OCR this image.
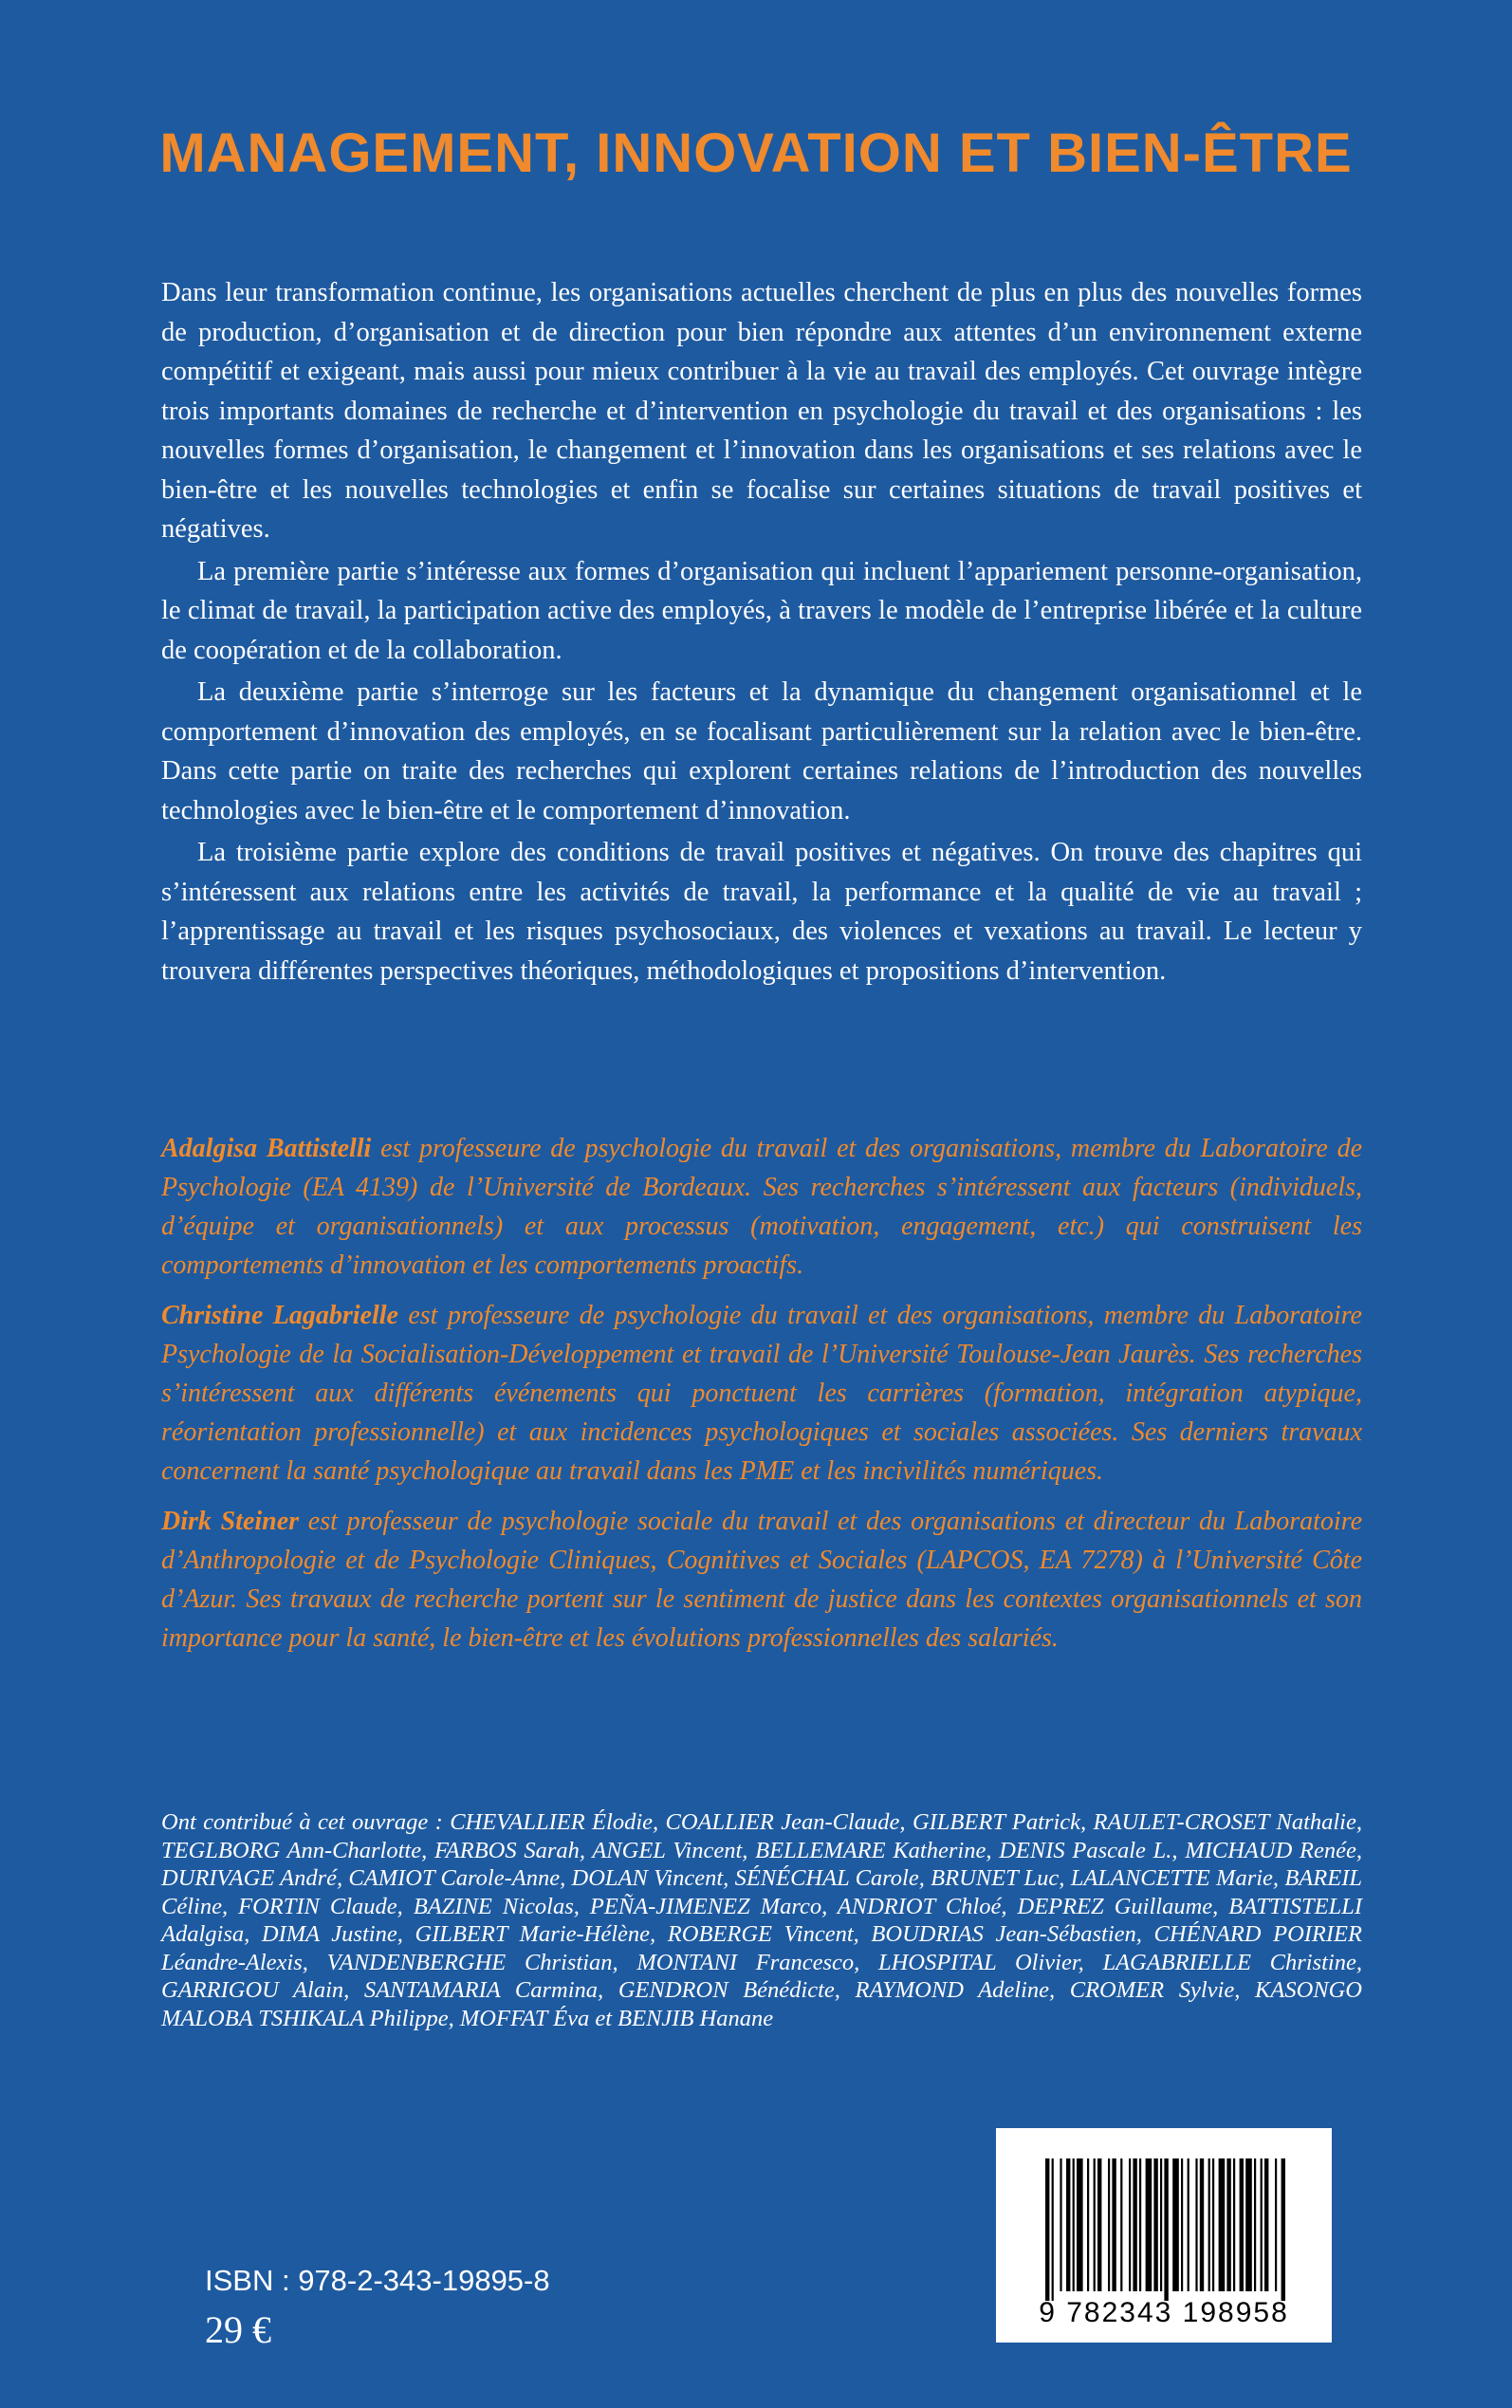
MANAGEMENT, INNOVATION ET BIEN-ÊTRE

Dans leur transformation continue, les organisations actuelles cherchent de plus en plus des nouvelles formes de production, d’organisation et de direction pour bien répondre aux attentes d’un environnement externe compétitif et exigeant, mais aussi pour mieux contribuer à la vie au travail des employés. Cet ouvrage intègre trois importants domaines de recherche et d’intervention en psychologie du travail et des organisations : les nouvelles formes d’organisation, le changement et l’innovation dans les organisations et ses relations avec le bien-être et les nouvelles technologies et enfin se focalise sur certaines situations de travail positives et négatives.

La première partie s’intéresse aux formes d’organisation qui incluent l’appariement personne-organisation, le climat de travail, la participation active des employés, à travers le modèle de l’entreprise libérée et la culture de coopération et de la collaboration.

La deuxième partie s’interroge sur les facteurs et la dynamique du changement organisationnel et le comportement d’innovation des employés, en se focalisant particulièrement sur la relation avec le bien-être. Dans cette partie on traite des recherches qui explorent certaines relations de l’introduction des nouvelles technologies avec le bien-être et le comportement d’innovation.

La troisième partie explore des conditions de travail positives et négatives. On trouve des chapitres qui s’intéressent aux relations entre les activités de travail, la performance et la qualité de vie au travail ; l’apprentissage au travail et les risques psychosociaux, des violences et vexations au travail. Le lecteur y trouvera différentes perspectives théoriques, méthodologiques et propositions d’intervention.

Adalgisa Battistelli est professeure de psychologie du travail et des organisations, membre du Laboratoire de Psychologie (EA 4139) de l’Université de Bordeaux. Ses recherches s’intéressent aux facteurs (individuels, d’équipe et organisationnels) et aux processus (motivation, engagement, etc.) qui construisent les comportements d’innovation et les comportements proactifs.

Christine Lagabrielle est professeure de psychologie du travail et des organisations, membre du Laboratoire Psychologie de la Socialisation-Développement et travail de l’Université Toulouse-Jean Jaurès. Ses recherches s’intéressent aux différents événements qui ponctuent les carrières (formation, intégration atypique, réorientation professionnelle) et aux incidences psychologiques et sociales associées. Ses derniers travaux concernent la santé psychologique au travail dans les PME et les incivilités numériques.

Dirk Steiner est professeur de psychologie sociale du travail et des organisations et directeur du Laboratoire d’Anthropologie et de Psychologie Cliniques, Cognitives et Sociales (LAPCOS, EA 7278) à l’Université Côte d’Azur. Ses travaux de recherche portent sur le sentiment de justice dans les contextes organisationnels et son importance pour la santé, le bien-être et les évolutions professionnelles des salariés.

Ont contribué à cet ouvrage : CHEVALLIER Élodie, COALLIER Jean-Claude, GILBERT Patrick, RAULET-CROSET Nathalie, TEGLBORG Ann-Charlotte, FARBOS Sarah, ANGEL Vincent, BELLEMARE Katherine, DENIS Pascale L., MICHAUD Renée, DURIVAGE André, CAMIOT Carole-Anne, DOLAN Vincent, SÉNÉCHAL Carole, BRUNET Luc, LALANCETTE Marie, BAREIL Céline, FORTIN Claude, BAZINE Nicolas, PEÑA-JIMENEZ Marco, ANDRIOT Chloé, DEPREZ Guillaume, BATTISTELLI Adalgisa, DIMA Justine, GILBERT Marie-Hélène, ROBERGE Vincent, BOUDRIAS Jean-Sébastien, CHÉNARD POIRIER Léandre-Alexis, VANDENBERGHE Christian, MONTANI Francesco, LHOSPITAL Olivier, LAGABRIELLE Christine, GARRIGOU Alain, SANTAMARIA Carmina, GENDRON Bénédicte, RAYMOND Adeline, CROMER Sylvie, KASONGO MALOBA TSHIKALA Philippe, MOFFAT Éva et BENJIB Hanane
ISBN : 978-2-343-19895-8
29 €	9 782343 198958
